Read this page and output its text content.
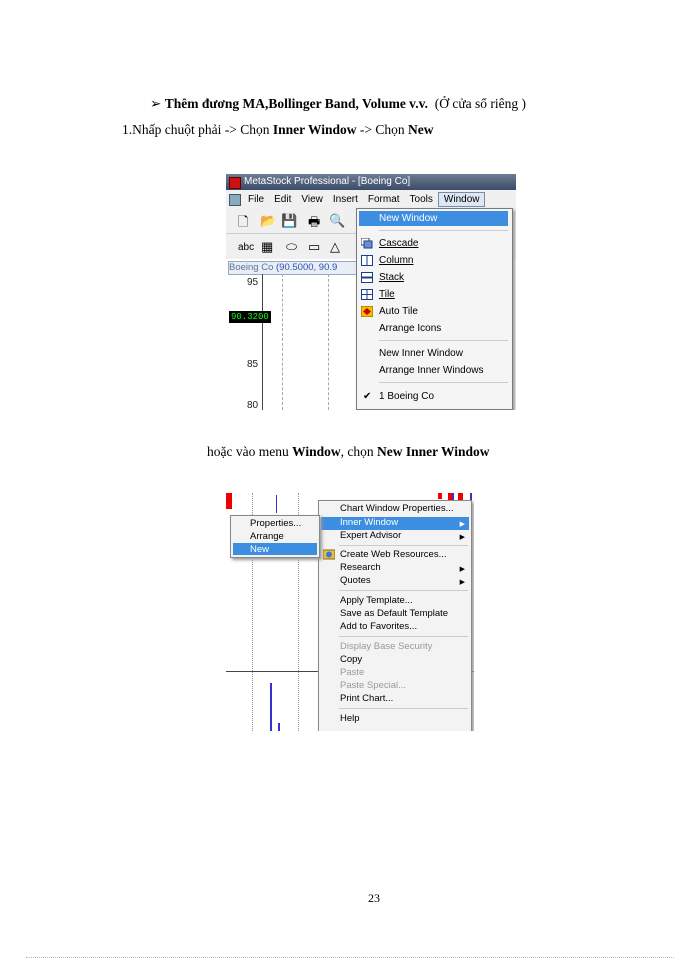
➢ Thêm đương MA,Bollinger Band, Volume v.v. (Ở cửa sổ riêng )
1.Nhấp chuột phải -> Chọn Inner Window -> Chọn New
MetaStock Professional - [Boeing Co]
File Edit View Insert Format Tools Window
🗋 📂 💾 🖶 🔍
abc ▦ ⬭ ▭ △
Boeing Co (90.5000, 90.9
95
85
80
90.3200
New Window
Cascade
Column
Stack
Tile
Auto Tile
Arrange Icons
New Inner Window
Arrange Inner Windows
✔ 1 Boeing Co
hoặc vào menu Window, chọn New Inner Window
Chart Window Properties...
Inner Window	▶
Expert Advisor	▶
Create Web Resources...
Research	▶
Quotes	▶
Apply Template...
Save as Default Template
Add to Favorites...
Display Base Security
Copy
Paste
Paste Special...
Print Chart...
Help
Properties...
Arrange
New
23
